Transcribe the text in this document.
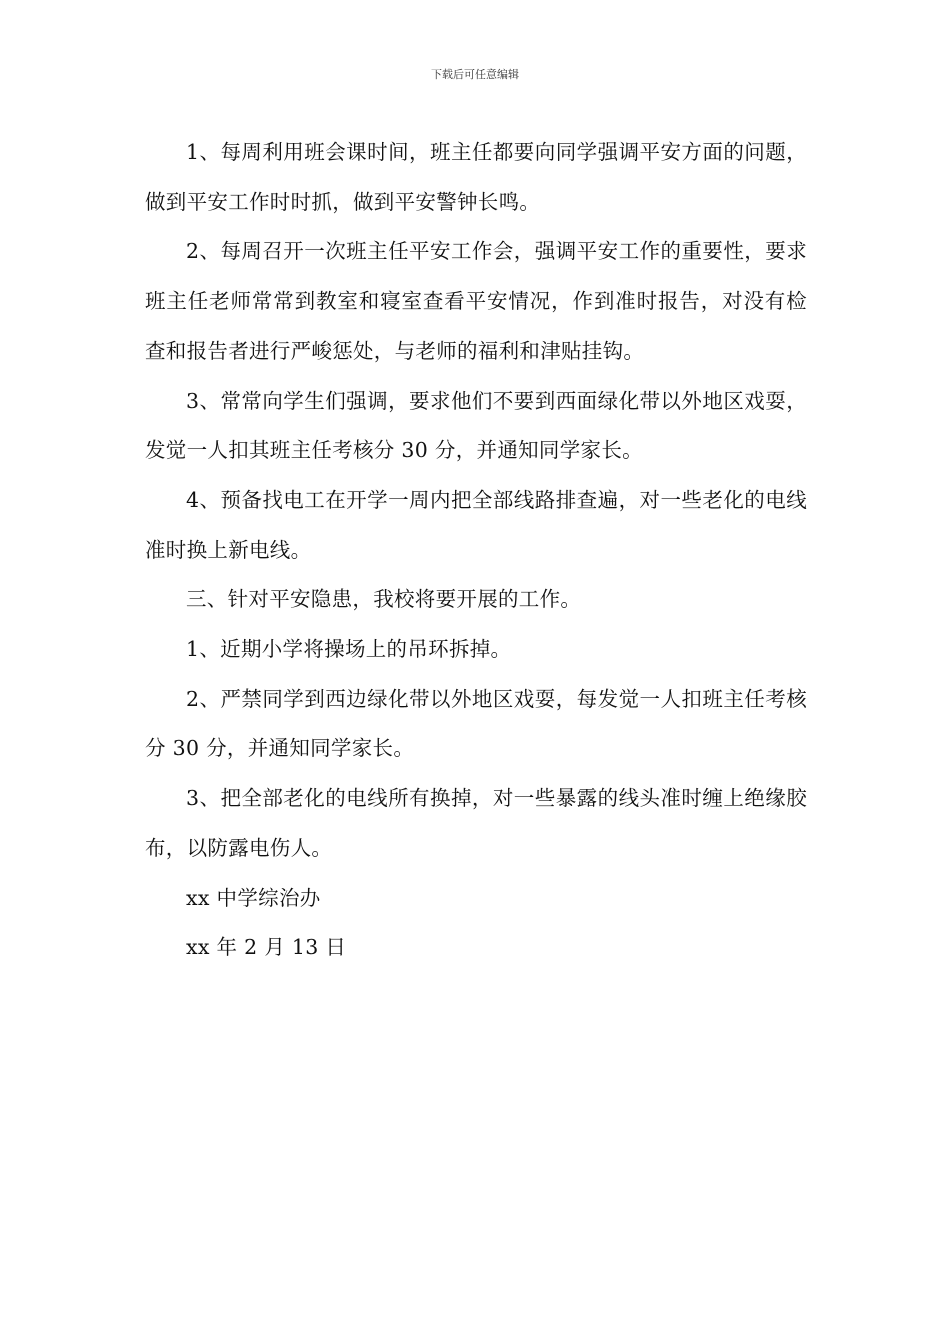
下载后可任意编辑

1、每周利用班会课时间，班主任都要向同学强调平安方面的问题，做到平安工作时时抓，做到平安警钟长鸣。

2、每周召开一次班主任平安工作会，强调平安工作的重要性，要求班主任老师常常到教室和寝室查看平安情况，作到准时报告，对没有检查和报告者进行严峻惩处，与老师的福利和津贴挂钩。

3、常常向学生们强调，要求他们不要到西面绿化带以外地区戏耍，发觉一人扣其班主任考核分 30 分，并通知同学家长。

4、预备找电工在开学一周内把全部线路排查遍，对一些老化的电线准时换上新电线。

三、针对平安隐患，我校将要开展的工作。

1、近期小学将操场上的吊环拆掉。

2、严禁同学到西边绿化带以外地区戏耍，每发觉一人扣班主任考核分 30 分，并通知同学家长。

3、把全部老化的电线所有换掉，对一些暴露的线头准时缠上绝缘胶布，以防露电伤人。

xx 中学综治办

xx 年 2 月 13 日
